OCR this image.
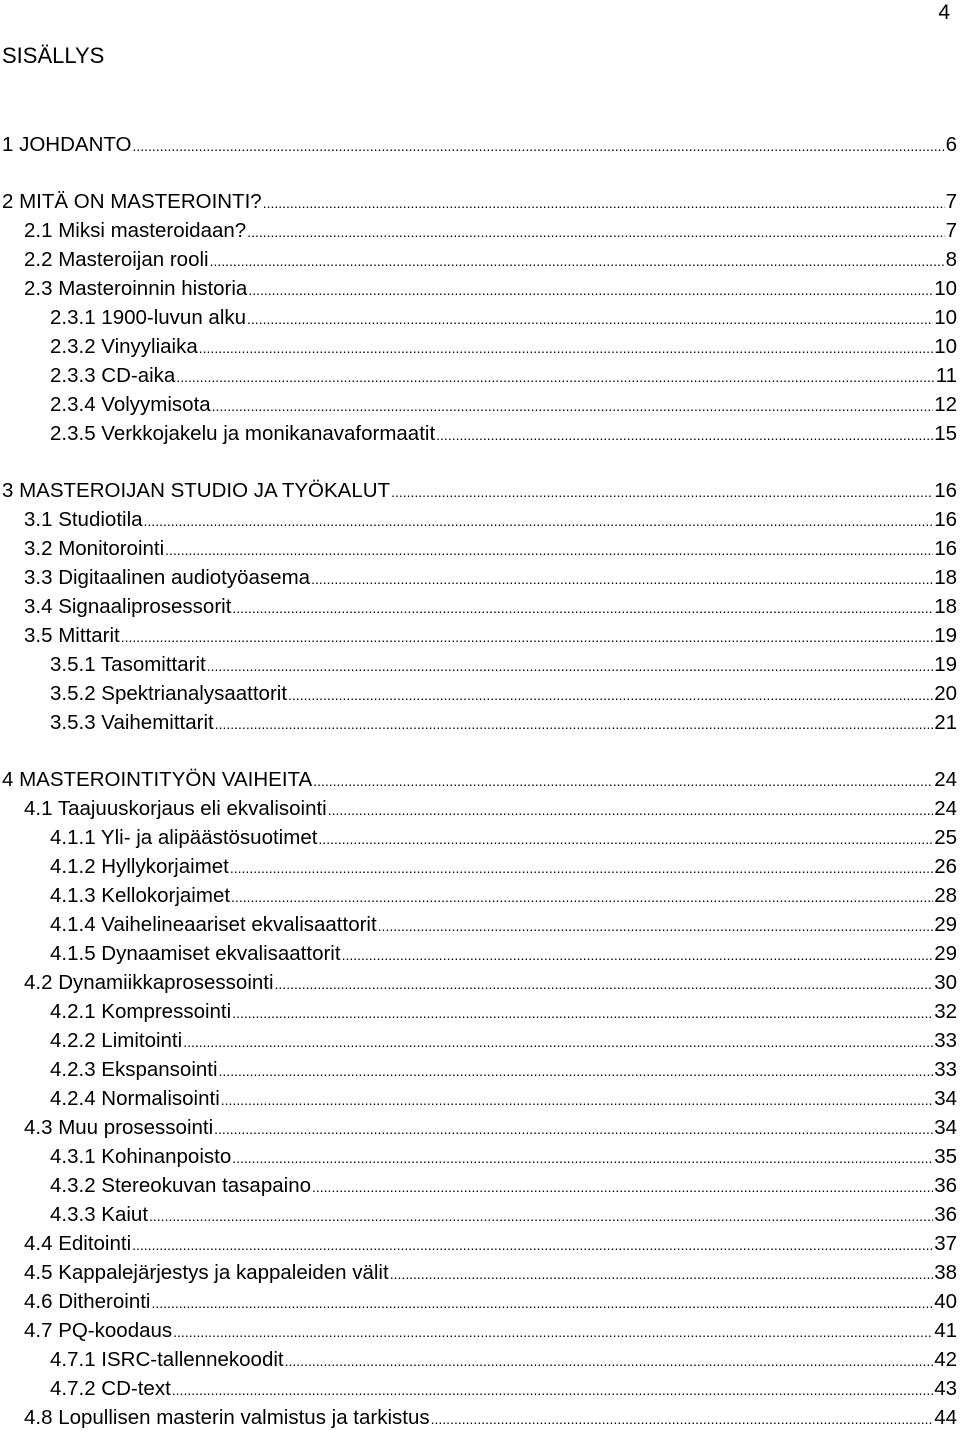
4
SISÄLLYS
1 JOHDANTO .....	6
2 MITÄ ON MASTEROINTI? .....	7
2.1 Miksi masteroidaan? .....	7
2.2 Masteroijan rooli .....	8
2.3 Masteroinnin historia .....	10
2.3.1 1900-luvun alku .....	10
2.3.2 Vinyyliaika .....	10
2.3.3 CD-aika .....	11
2.3.4 Volyymisota .....	12
2.3.5 Verkkojakelu ja monikanavaformaatit .....	15
3 MASTEROIJAN STUDIO JA TYÖKALUT .....	16
3.1 Studiotila .....	16
3.2 Monitorointi .....	16
3.3 Digitaalinen audiotyöasema .....	18
3.4 Signaaliprosessorit .....	18
3.5 Mittarit .....	19
3.5.1 Tasomittarit .....	19
3.5.2 Spektrianalysaattorit .....	20
3.5.3 Vaihemittarit .....	21
4 MASTEROINTITYÖN VAIHEITA .....	24
4.1 Taajuuskorjaus eli ekvalisointi .....	24
4.1.1 Yli- ja alipäästösuotimet .....	25
4.1.2 Hyllykorjaimet .....	26
4.1.3 Kellokorjaimet .....	28
4.1.4 Vaihelineaariset ekvalisaattorit .....	29
4.1.5 Dynaamiset ekvalisaattorit .....	29
4.2 Dynamiikkaprosessointi .....	30
4.2.1 Kompressointi .....	32
4.2.2 Limitointi .....	33
4.2.3 Ekspansointi .....	33
4.2.4 Normalisointi .....	34
4.3 Muu prosessointi .....	34
4.3.1 Kohinanpoisto .....	35
4.3.2 Stereokuvan tasapaino .....	36
4.3.3 Kaiut .....	36
4.4 Editointi .....	37
4.5 Kappalejärjestys ja kappaleiden välit .....	38
4.6 Ditherointi .....	40
4.7 PQ-koodaus .....	41
4.7.1 ISRC-tallennekoodit .....	42
4.7.2 CD-text .....	43
4.8 Lopullisen masterin valmistus ja tarkistus .....	44
